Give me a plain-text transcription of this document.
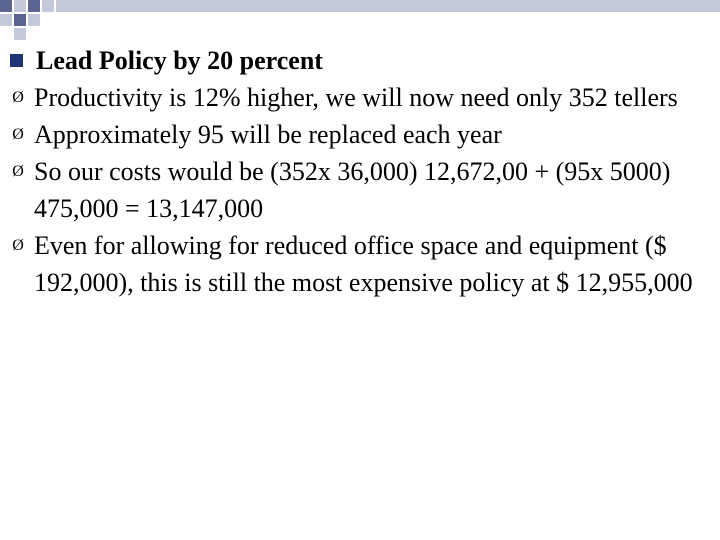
Lead Policy by 20 percent
Ø Productivity is 12% higher, we will now need only 352 tellers
Ø Approximately 95 will be replaced each year
Ø So our costs would be (352x 36,000) 12,672,00 + (95x 5000) 475,000 = 13,147,000
Ø Even for allowing for reduced office space and equipment ($ 192,000), this is still the most expensive policy at $ 12,955,000
